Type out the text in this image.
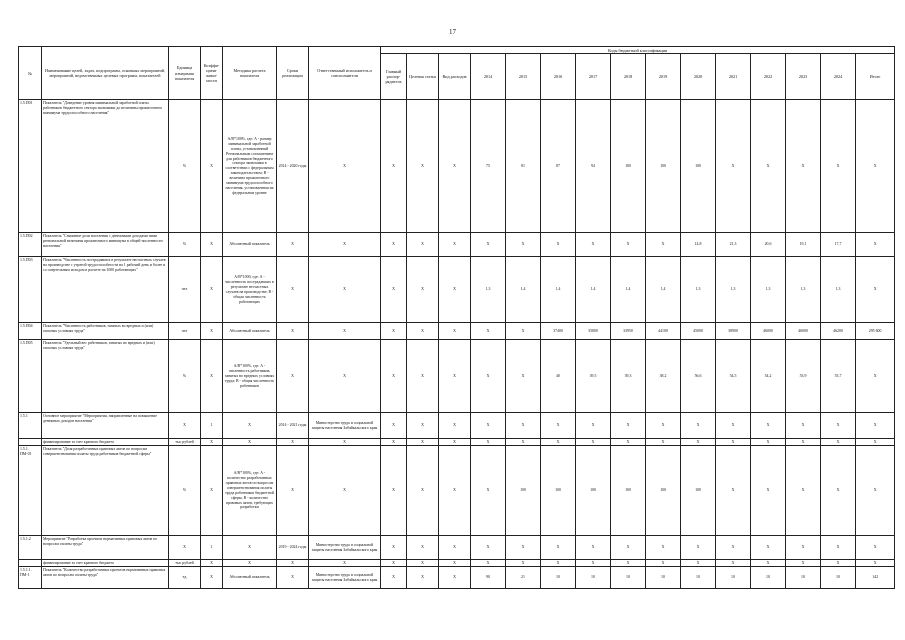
17
№	Наименование целей, задач, подпрограмм, основных мероприятий, мероприятий, ведомственных целевых программ, показателей	Единица измерения показателя	Коэффи-циент значи-мости	Методика расчета показателя	Сроки реализации	Ответственный исполнитель и соисполнители	Коды бюджетной классификации														
							Главный распор-рядитель	Целевая статья	Вид расходов	2014	2015	2016	2017	2018	2019	2020	2021	2022	2023	2024	Итого
1.5.П01	Показатель "Доведение уровня минимальной заработной платы работников бюджетного сектора экономики до величины прожиточного минимума трудоспособного населения"	%	Х	А/В*100%, где: А - размер минимальной заработной платы, установленный Региональным соглашением для работников бюджетного сектора экономики в соответствии с федеральным законодательством; В - величина прожиточного минимума трудоспособного населения, установленная на федеральном уровне	2014 - 2020 годы	Х	Х	Х	Х	75	81	87	94	100	100	100	Х	Х	Х	Х	Х
1.5.П02	Показатель "Снижение доли населения с денежными доходами ниже региональной величины прожиточного минимума в общей численности населения"	%	Х	Абсолютный показатель	Х	Х	Х	Х	Х	Х	Х	Х	Х	Х	Х	14,8	21,3	20,6	19,1	17,7	Х
1.5.П03	Показатель "Численность пострадавших в результате несчастных случаев на производстве с утратой трудоспособности на 1 рабочий день и более и со смертельным исходом в расчете на 1000 работающих"	чел	Х	А/В*1000, где: А - численность пострадавших в результате несчастных случаев на производстве; В - общая численность работающих	Х	Х	Х	Х	Х	1,3	1,4	1,4	1,4	1,4	1,4	1,3	1,3	1,3	1,3	1,3	Х
1.5.П04	Показатель "Численность работников, занятых во вредных и (или) опасных условиях труда"	чел	Х	Абсолютный показатель	Х	Х	Х	Х	Х	Х	Х	37400	35800	33950	44100	45000	38900	46000	46000	46200	295 600
1.5.П05	Показатель "Удельный вес работников, занятых во вредных и (или) опасных условиях труда"	%	Х	А/В*100%, где: А - численность работников, занятых во вредных условиях труда; В - общая численность работников	Х	Х	Х	Х	Х	Х	Х	40	39,5	39,3	38,2	56,6	54,5	54,2	53,9	53,7	Х
1.5.1	Основное мероприятие "Мероприятия, направленные на повышение денежных доходов населения"	Х	1	Х	2014 - 2021 годы	Министерство труда и социальной защиты населения Забайкальского края	Х	Х	Х	Х	Х	Х	Х	Х	Х	Х	Х	Х	Х	Х	Х
	финансирование за счет краевого бюджета	тыс рублей	Х	Х	Х	Х	Х	Х	Х	Х	Х	Х	Х	Х	Х	Х	Х	Х	Х	Х	Х
1.5.1. ПМ-01	Показатель "Доля разработанных правовых актов по вопросам совершенствования оплаты труда работников бюджетной сферы"	%	Х	А/В*100%, где: А - количество разработанных правовых актов по вопросам совершенствования оплаты труда работников бюджетной сферы; В - количество правовых актов, требующих разработки	Х	Х	Х	Х	Х	Х	100	100	100	100	100	100	Х	Х	Х	Х	Х
1.5.1.2	Мероприятие "Разработка проектов нормативных правовых актов по вопросам оплаты труда"	Х	1	Х	2019 - 2024 годы	Министерство труда и социальной защиты населения Забайкальского края	Х	Х	Х	Х	Х	Х	Х	Х	Х	Х	Х	Х	Х	Х	Х
	финансирование за счет краевого бюджета	тыс рублей	Х	Х	Х	Х	Х	Х	Х	Х	Х	Х	Х	Х	Х	Х	Х	Х	Х	Х	Х
1.5.1.1. ПМ-1	Показатель "Количество разработанных проектов нормативных правовых актов по вопросам оплаты труда"	ед	Х	Абсолютный показатель	Х	Министерство труда и социальной защиты населения Забайкальского края	Х	Х	Х	90	21	10	10	10	10	10	10	10	10	10	142
